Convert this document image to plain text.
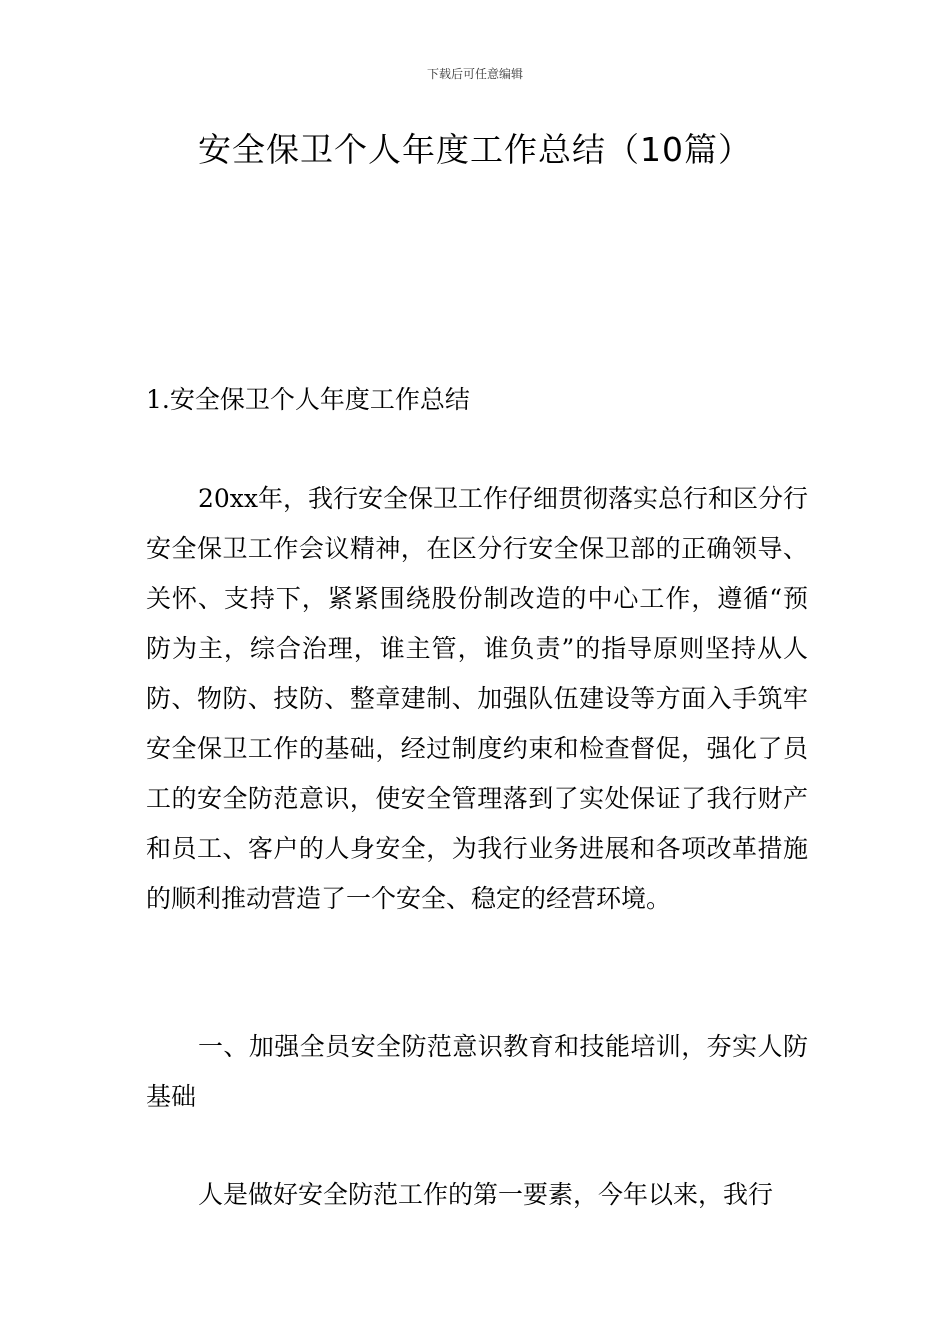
下载后可任意编辑
安全保卫个人年度工作总结（10篇）
1.安全保卫个人年度工作总结

20xx年，我行安全保卫工作仔细贯彻落实总行和区分行安全保卫工作会议精神，在区分行安全保卫部的正确领导、关怀、支持下，紧紧围绕股份制改造的中心工作，遵循“预防为主，综合治理，谁主管，谁负责”的指导原则坚持从人防、物防、技防、整章建制、加强队伍建设等方面入手筑牢安全保卫工作的基础，经过制度约束和检查督促，强化了员工的安全防范意识，使安全管理落到了实处保证了我行财产和员工、客户的人身安全，为我行业务进展和各项改革措施的顺利推动营造了一个安全、稳定的经营环境。

一、加强全员安全防范意识教育和技能培训，夯实人防基础

人是做好安全防范工作的第一要素，今年以来，我行
